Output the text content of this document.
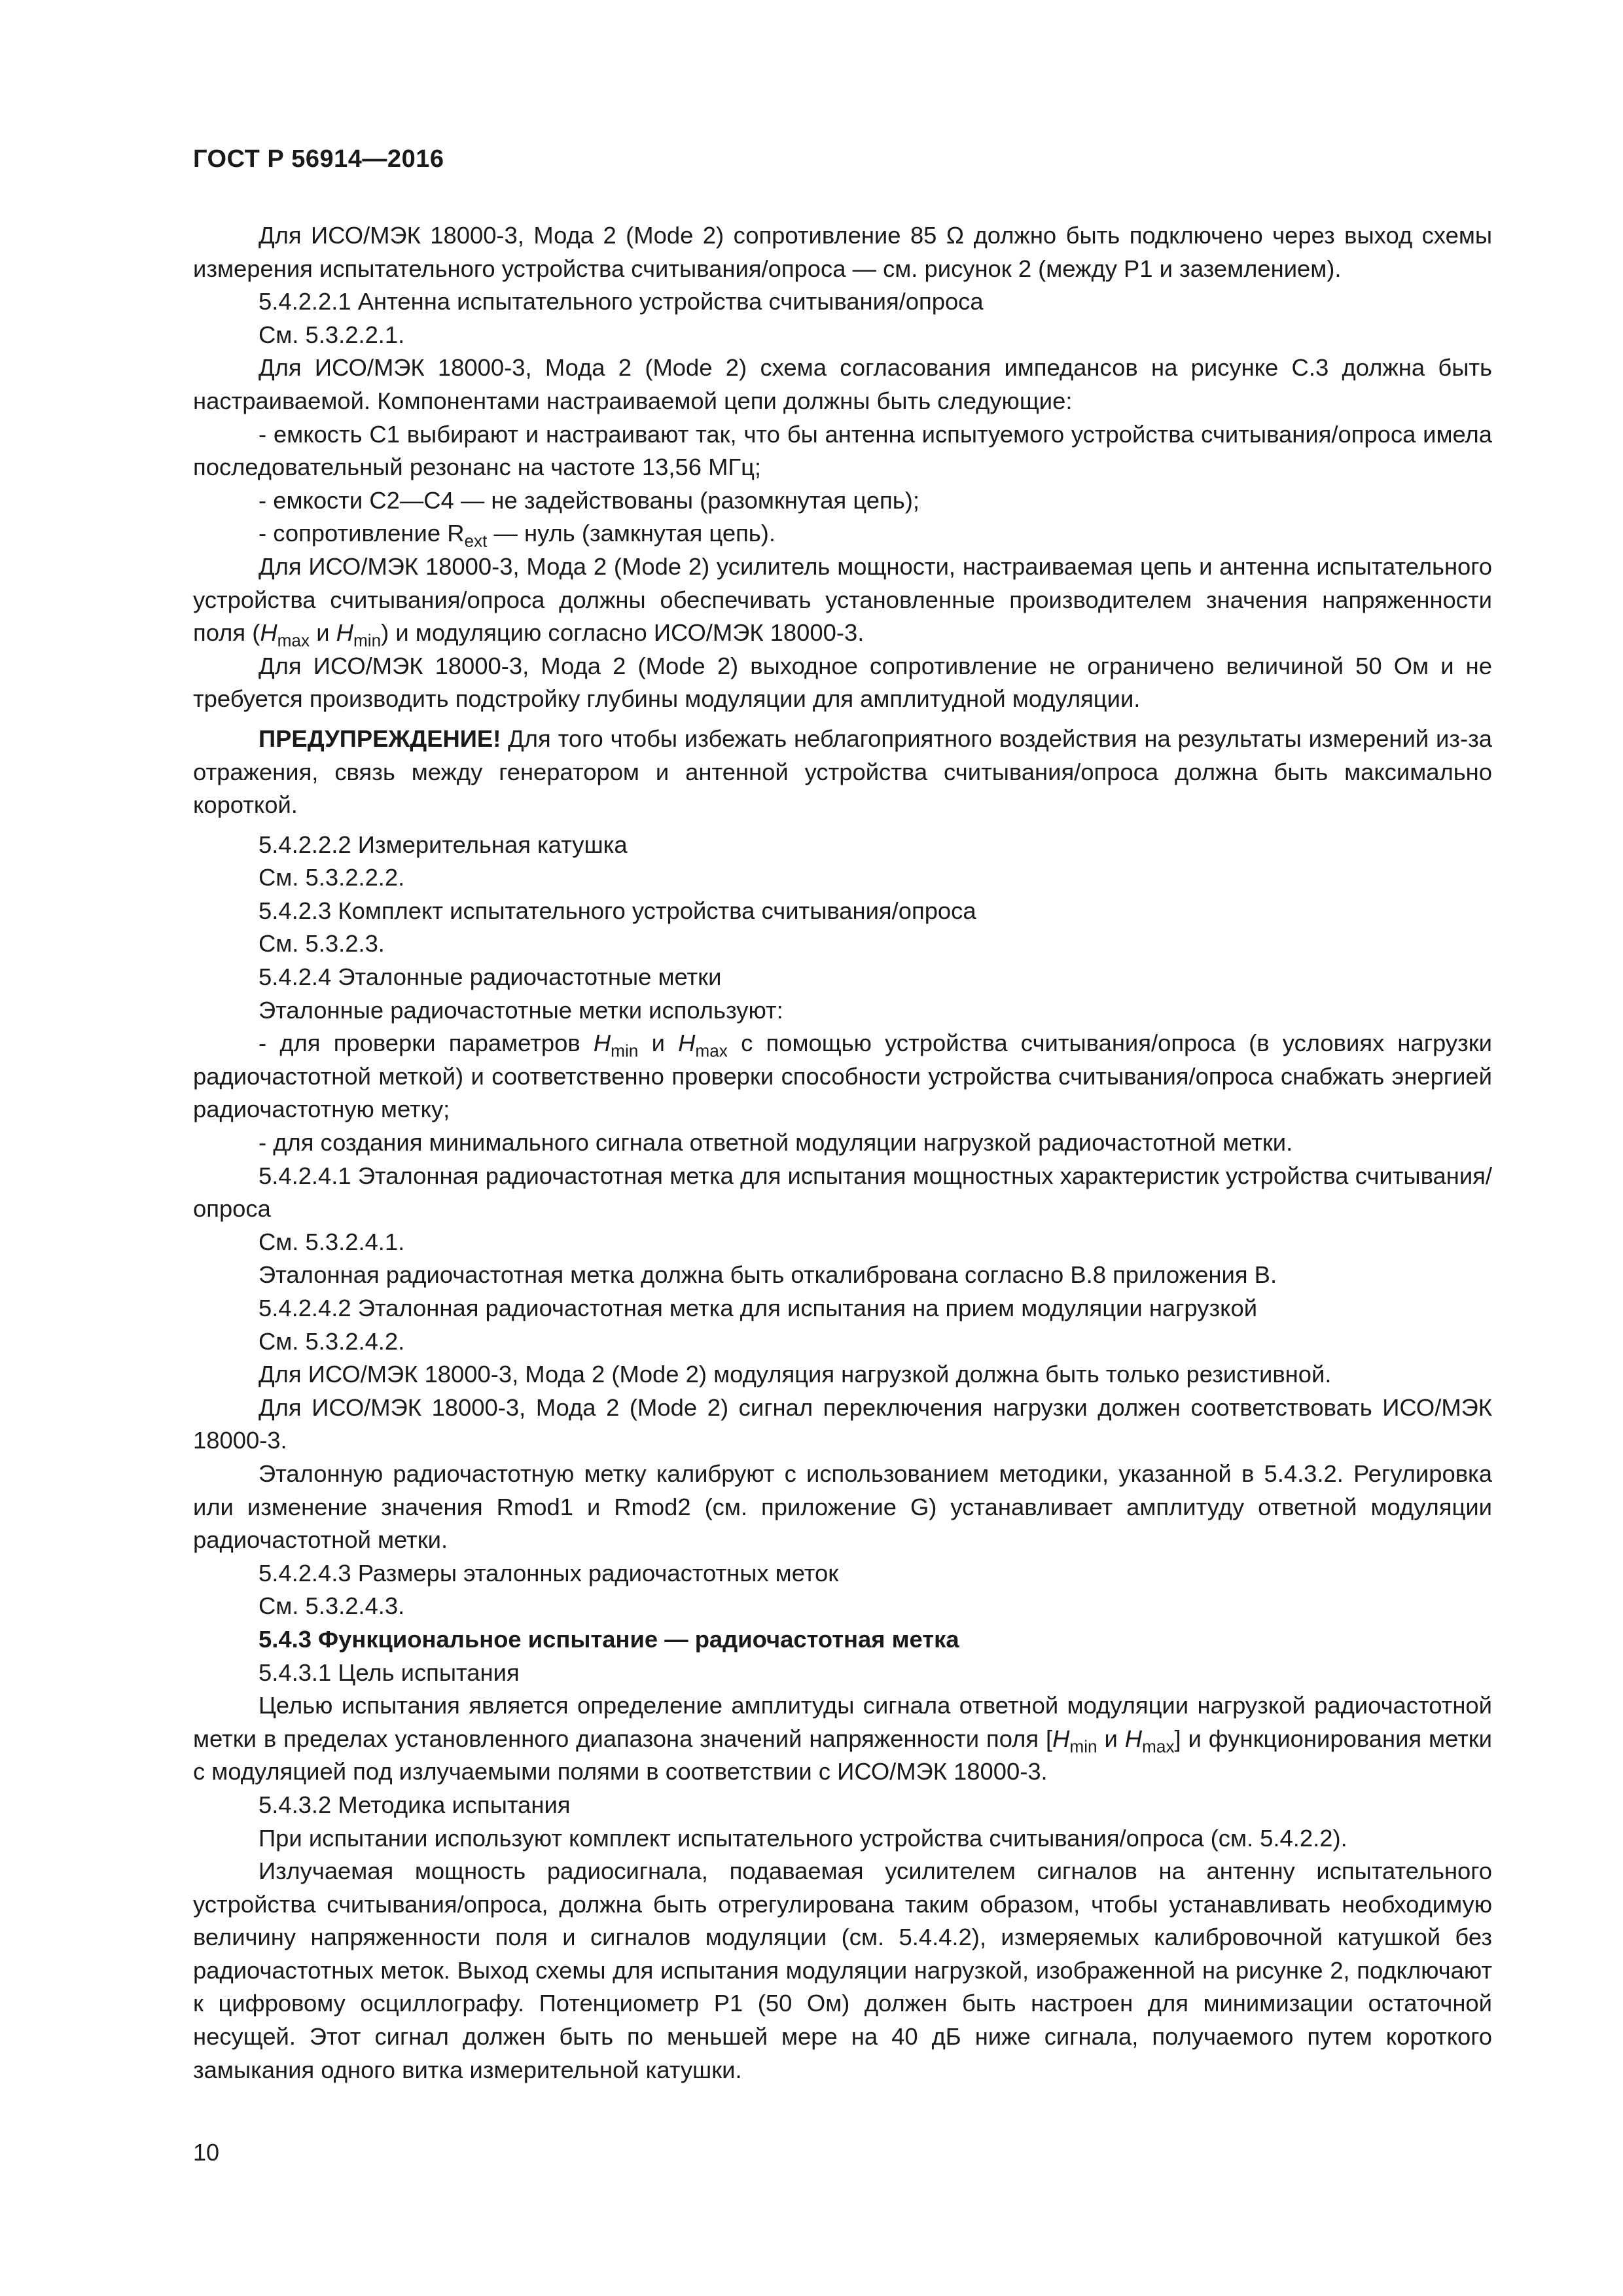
ГОСТ Р 56914—2016

Для ИСО/МЭК 18000-3, Мода 2 (Mode 2) сопротивление 85 Ω должно быть подключено через выход схемы измерения испытательного устройства считывания/опроса — см. рисунок 2 (между Р1 и заземлением).

5.4.2.2.1 Антенна испытательного устройства считывания/опроса

См. 5.3.2.2.1.

Для ИСО/МЭК 18000-3, Мода 2 (Mode 2) схема согласования импедансов на рисунке С.3 должна быть настраиваемой. Компонентами настраиваемой цепи должны быть следующие:

- емкость С1 выбирают и настраивают так, что бы антенна испытуемого устройства считывания/опроса имела последовательный резонанс на частоте 13,56 МГц;

- емкости С2—С4 — не задействованы (разомкнутая цепь);

- сопротивление $R_{ext}$ — нуль (замкнутая цепь).

Для ИСО/МЭК 18000-3, Мода 2 (Mode 2) усилитель мощности, настраиваемая цепь и антенна испытательного устройства считывания/опроса должны обеспечивать установленные производителем значения напряженности поля ($H_{max}$ и $H_{min}$) и модуляцию согласно ИСО/МЭК 18000-3.

Для ИСО/МЭК 18000-3, Мода 2 (Mode 2) выходное сопротивление не ограничено величиной 50 Ом и не требуется производить подстройку глубины модуляции для амплитудной модуляции.

ПРЕДУПРЕЖДЕНИЕ! Для того чтобы избежать неблагоприятного воздействия на результаты измерений из-за отражения, связь между генератором и антенной устройства считывания/опроса должна быть максимально короткой.

5.4.2.2.2 Измерительная катушка

См. 5.3.2.2.2.

5.4.2.3 Комплект испытательного устройства считывания/опроса

См. 5.3.2.3.

5.4.2.4 Эталонные радиочастотные метки

Эталонные радиочастотные метки используют:

- для проверки параметров $H_{min}$ и $H_{max}$ с помощью устройства считывания/опроса (в условиях нагрузки радиочастотной меткой) и соответственно проверки способности устройства считывания/опроса снабжать энергией радиочастотную метку;

- для создания минимального сигнала ответной модуляции нагрузкой радиочастотной метки.

5.4.2.4.1 Эталонная радиочастотная метка для испытания мощностных характеристик устройства считывания/опроса

См. 5.3.2.4.1.

Эталонная радиочастотная метка должна быть откалиброванa согласно В.8 приложения В.

5.4.2.4.2 Эталонная радиочастотная метка для испытания на прием модуляции нагрузкой

См. 5.3.2.4.2.

Для ИСО/МЭК 18000-3, Мода 2 (Mode 2) модуляция нагрузкой должна быть только резистивной.

Для ИСО/МЭК 18000-3, Мода 2 (Mode 2) сигнал переключения нагрузки должен соответствовать ИСО/МЭК 18000-3.

Эталонную радиочастотную метку калибруют с использованием методики, указанной в 5.4.3.2. Регулировка или изменение значения Rmod1 и Rmod2 (см. приложение G) устанавливает амплитуду ответной модуляции радиочастотной метки.

5.4.2.4.3 Размеры эталонных радиочастотных меток

См. 5.3.2.4.3.

5.4.3 Функциональное испытание — радиочастотная метка

5.4.3.1 Цель испытания

Целью испытания является определение амплитуды сигнала ответной модуляции нагрузкой радиочастотной метки в пределах установленного диапазона значений напряженности поля [$H_{min}$ и $H_{max}$] и функционирования метки с модуляцией под излучаемыми полями в соответствии с ИСО/МЭК 18000-3.

5.4.3.2 Методика испытания

При испытании используют комплект испытательного устройства считывания/опроса (см. 5.4.2.2).

Излучаемая мощность радиосигнала, подаваемая усилителем сигналов на антенну испытательного устройства считывания/опроса, должна быть отрегулирована таким образом, чтобы устанавливать необходимую величину напряженности поля и сигналов модуляции (см. 5.4.4.2), измеряемых калибровочной катушкой без радиочастотных меток. Выход схемы для испытания модуляции нагрузкой, изображенной на рисунке 2, подключают к цифровому осциллографу. Потенциометр Р1 (50 Ом) должен быть настроен для минимизации остаточной несущей. Этот сигнал должен быть по меньшей мере на 40 дБ ниже сигнала, получаемого путем короткого замыкания одного витка измерительной катушки.

10
